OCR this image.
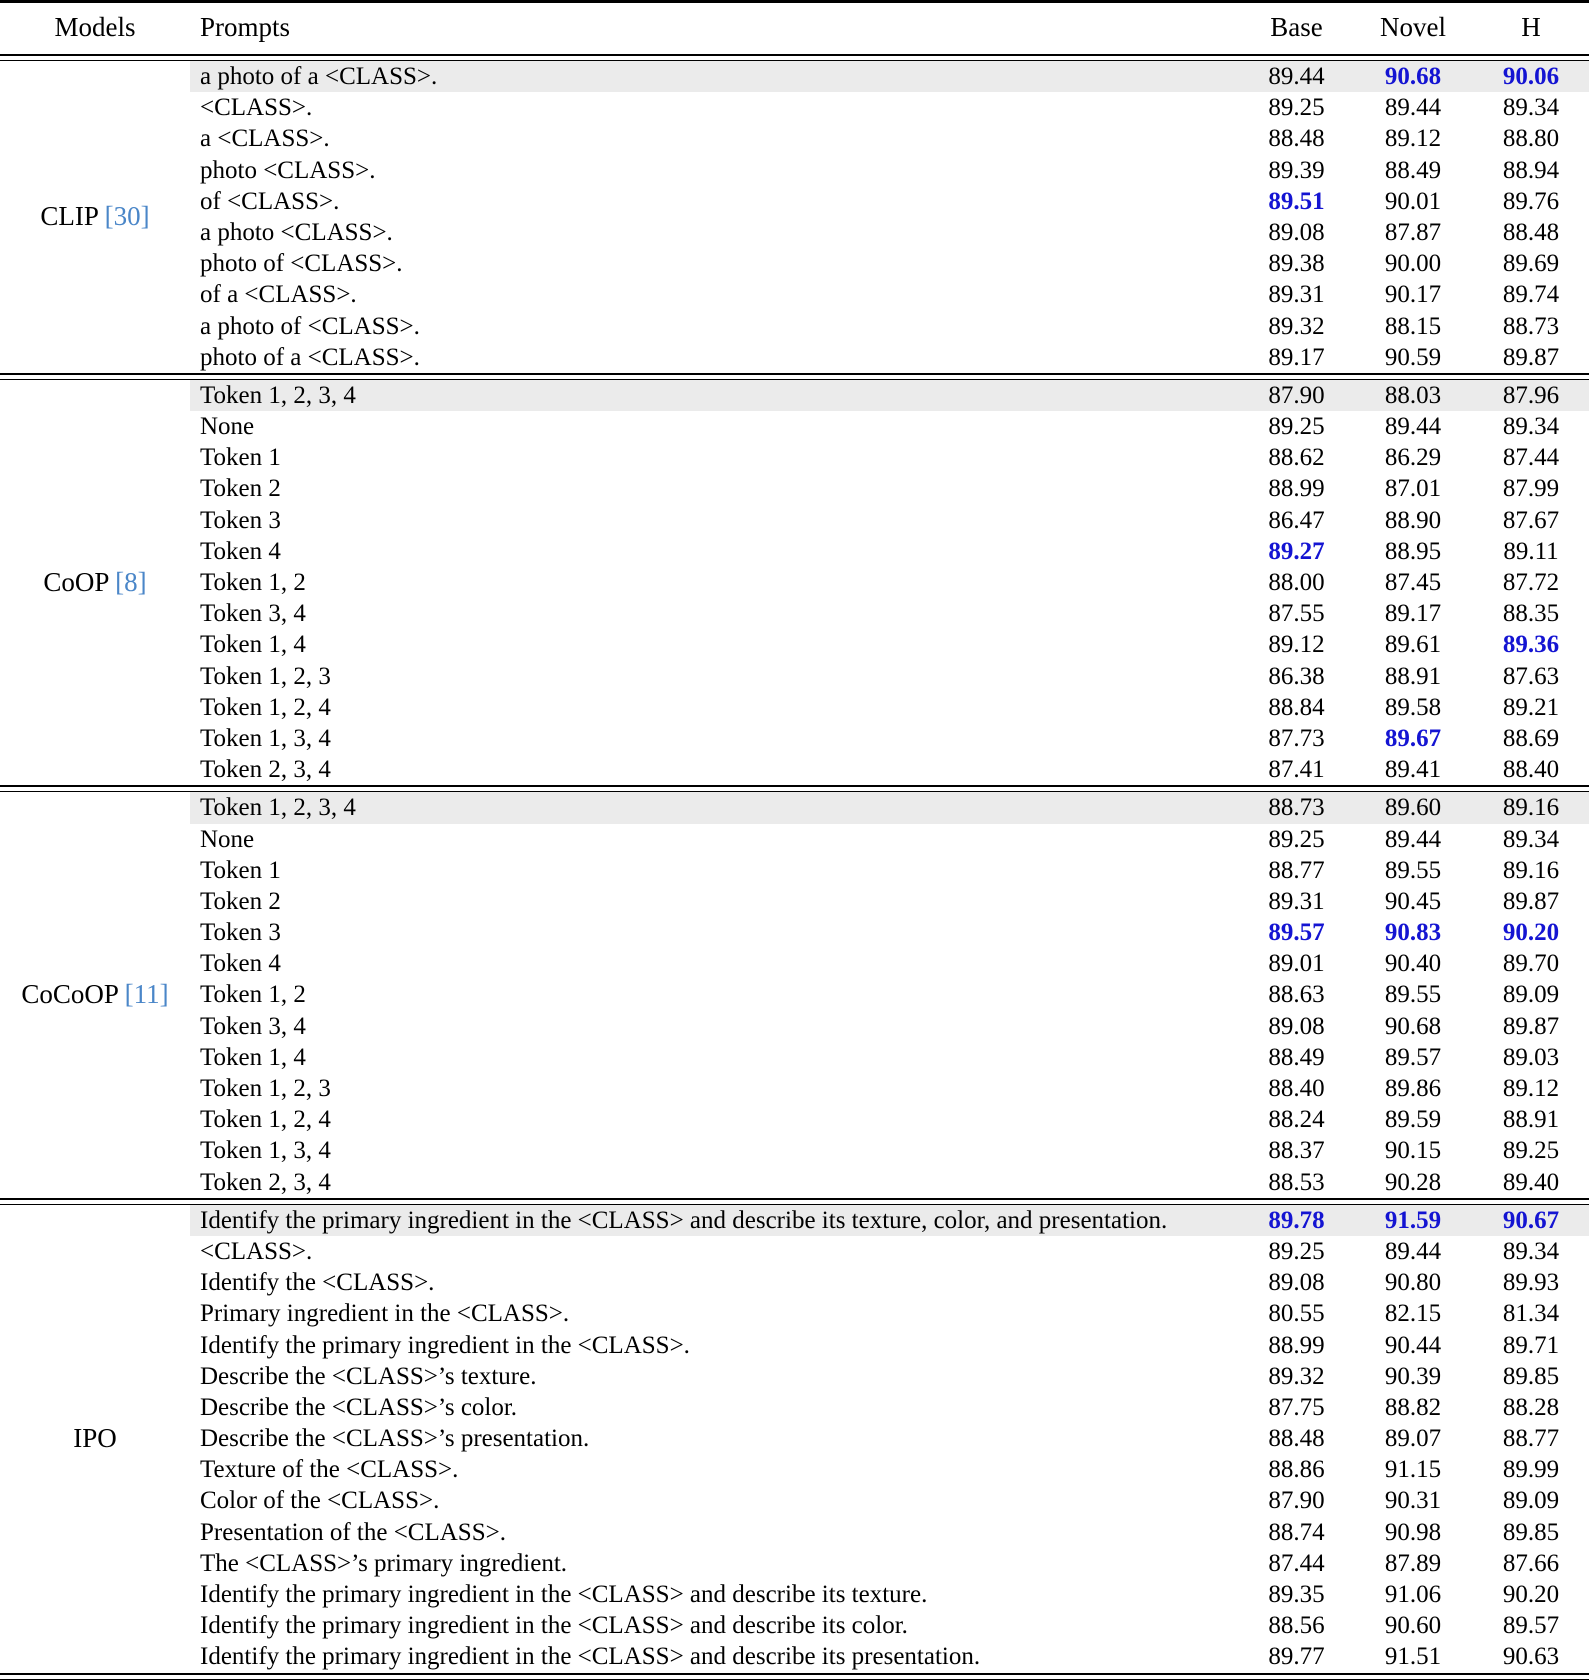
Models	Prompts	Base	Novel	H

CLIP [30]	a photo of a <CLASS>.	89.44	90.68	90.06
	<CLASS>.	89.25	89.44	89.34
	a <CLASS>.	88.48	89.12	88.80
	photo <CLASS>.	89.39	88.49	88.94
	of <CLASS>.	89.51	90.01	89.76
	a photo <CLASS>.	89.08	87.87	88.48
	photo of <CLASS>.	89.38	90.00	89.69
	of a <CLASS>.	89.31	90.17	89.74
	a photo of <CLASS>.	89.32	88.15	88.73
	photo of a <CLASS>.	89.17	90.59	89.87

CoOP [8]	Token 1, 2, 3, 4	87.90	88.03	87.96
	None	89.25	89.44	89.34
	Token 1	88.62	86.29	87.44
	Token 2	88.99	87.01	87.99
	Token 3	86.47	88.90	87.67
	Token 4	89.27	88.95	89.11
	Token 1, 2	88.00	87.45	87.72
	Token 3, 4	87.55	89.17	88.35
	Token 1, 4	89.12	89.61	89.36
	Token 1, 2, 3	86.38	88.91	87.63
	Token 1, 2, 4	88.84	89.58	89.21
	Token 1, 3, 4	87.73	89.67	88.69
	Token 2, 3, 4	87.41	89.41	88.40

CoCoOP [11]	Token 1, 2, 3, 4	88.73	89.60	89.16
	None	89.25	89.44	89.34
	Token 1	88.77	89.55	89.16
	Token 2	89.31	90.45	89.87
	Token 3	89.57	90.83	90.20
	Token 4	89.01	90.40	89.70
	Token 1, 2	88.63	89.55	89.09
	Token 3, 4	89.08	90.68	89.87
	Token 1, 4	88.49	89.57	89.03
	Token 1, 2, 3	88.40	89.86	89.12
	Token 1, 2, 4	88.24	89.59	88.91
	Token 1, 3, 4	88.37	90.15	89.25
	Token 2, 3, 4	88.53	90.28	89.40

IPO	Identify the primary ingredient in the <CLASS> and describe its texture, color, and presentation.	89.78	91.59	90.67
	<CLASS>.	89.25	89.44	89.34
	Identify the <CLASS>.	89.08	90.80	89.93
	Primary ingredient in the <CLASS>.	80.55	82.15	81.34
	Identify the primary ingredient in the <CLASS>.	88.99	90.44	89.71
	Describe the <CLASS>’s texture.	89.32	90.39	89.85
	Describe the <CLASS>’s color.	87.75	88.82	88.28
	Describe the <CLASS>’s presentation.	88.48	89.07	88.77
	Texture of the <CLASS>.	88.86	91.15	89.99
	Color of the <CLASS>.	87.90	90.31	89.09
	Presentation of the <CLASS>.	88.74	90.98	89.85
	The <CLASS>’s primary ingredient.	87.44	87.89	87.66
	Identify the primary ingredient in the <CLASS> and describe its texture.	89.35	91.06	90.20
	Identify the primary ingredient in the <CLASS> and describe its color.	88.56	90.60	89.57
	Identify the primary ingredient in the <CLASS> and describe its presentation.	89.77	91.51	90.63
